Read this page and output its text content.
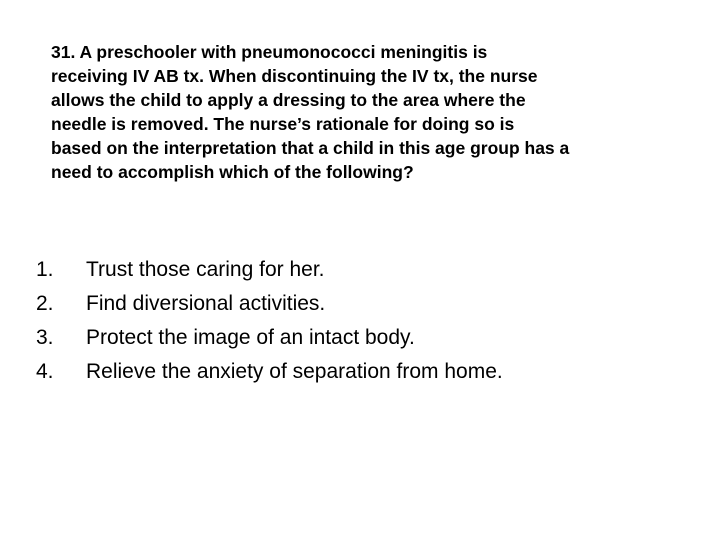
31. A preschooler with pneumonococci meningitis is
receiving IV AB tx. When discontinuing the IV tx, the nurse
allows the child to apply a dressing to the area where the
needle is removed. The nurse’s rationale for doing so is
based on the interpretation that a child in this age group has a
need to accomplish which of the following?

1.	Trust those caring for her.
2.	Find diversional activities.
3.	Protect the image of an intact body.
4.	Relieve the anxiety of separation from home.
